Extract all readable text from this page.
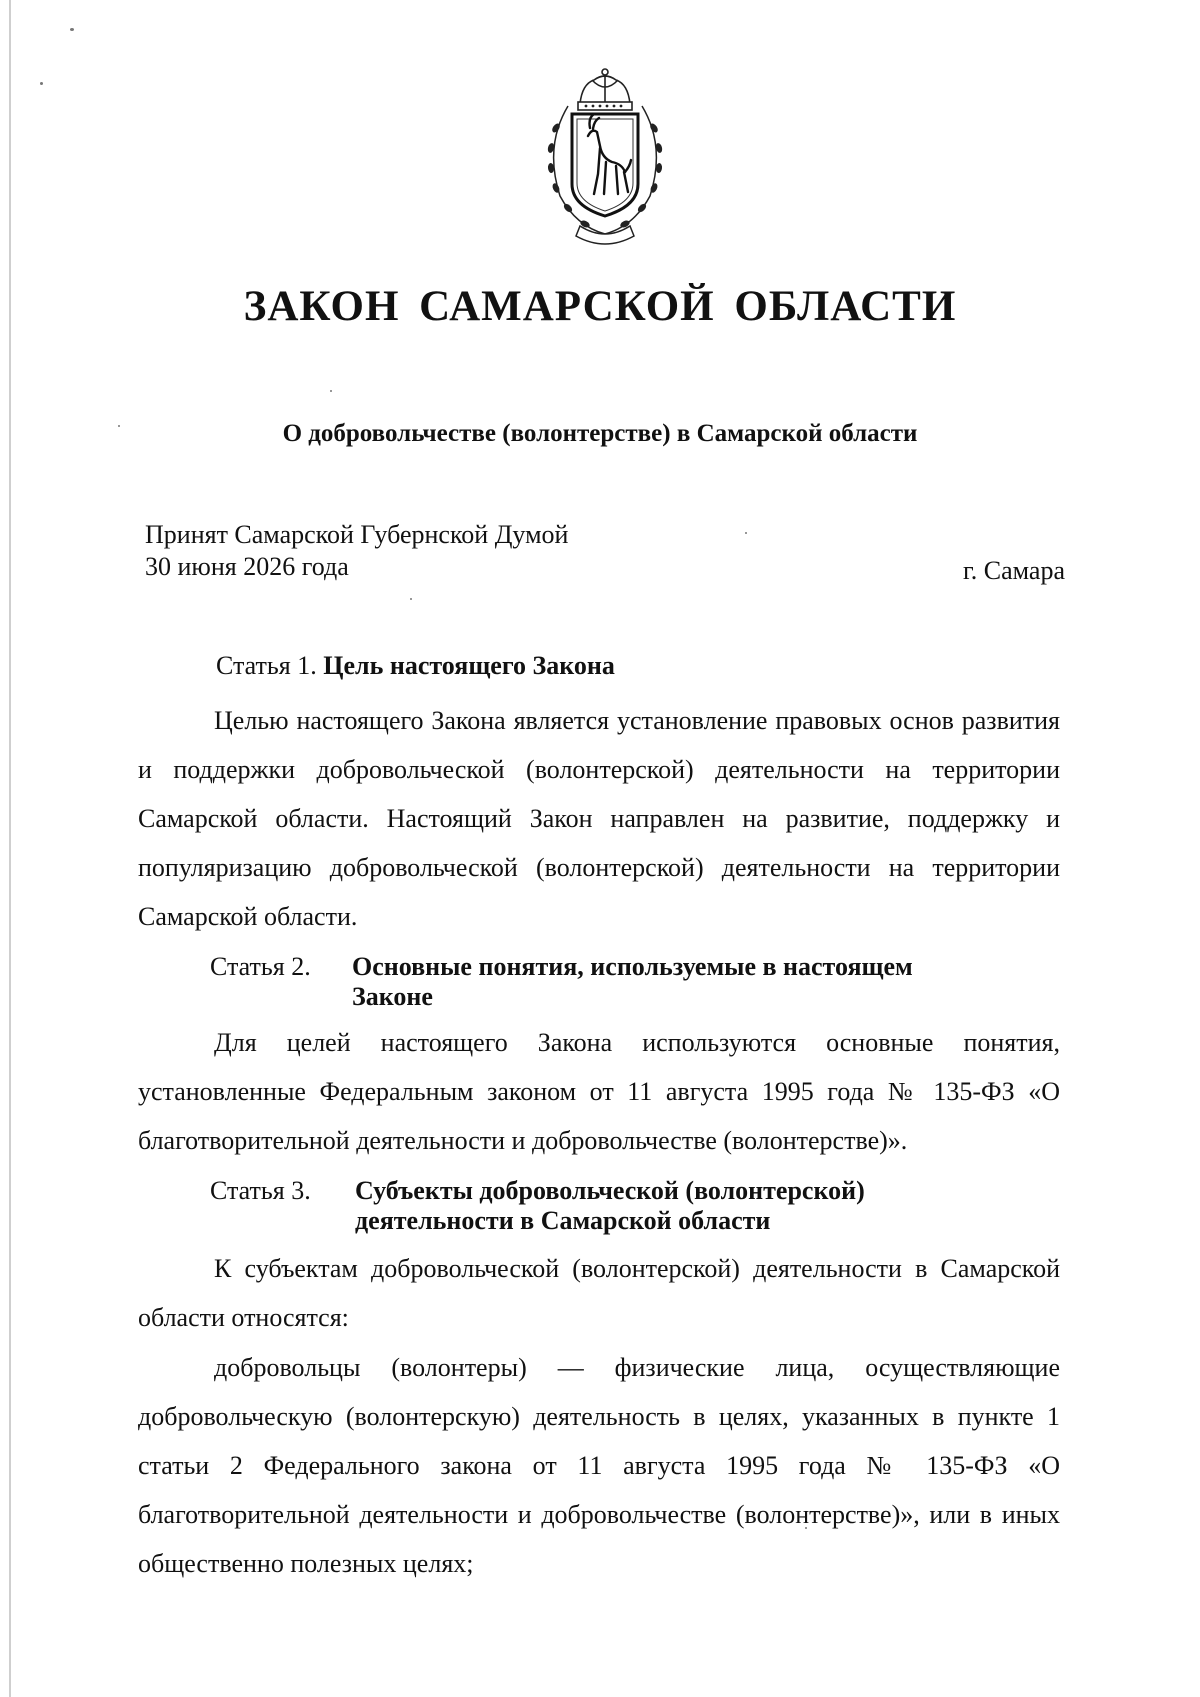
ЗАКОН САМАРСКОЙ ОБЛАСТИ
О добровольчестве (волонтерстве) в Самарской области
Принят Самарской Губернской Думой
30 июня 2026 года	г. Самара
Статья 1. Цель настоящего Закона
Целью настоящего Закона является установление правовых основ развития и поддержки добровольческой (волонтерской) деятельности на территории Самарской области. Настоящий Закон направлен на развитие, поддержку и популяризацию добровольческой (волонтерской) деятельности на территории Самарской области.
Статья 2. Основные понятия, используемые в настоящем
Законе
Для целей настоящего Закона используются основные понятия, установленные Федеральным законом от 11 августа 1995 года № 135-ФЗ «О благотворительной деятельности и добровольчестве (волонтерстве)».
Статья 3. Субъекты добровольческой (волонтерской)
деятельности в Самарской области
К субъектам добровольческой (волонтерской) деятельности в Самарской области относятся:
добровольцы (волонтеры) — физические лица, осуществляющие добровольческую (волонтерскую) деятельность в целях, указанных в пункте 1 статьи 2 Федерального закона от 11 августа 1995 года № 135-ФЗ «О благотворительной деятельности и добровольчестве (волонтерстве)», или в иных общественно полезных целях;
